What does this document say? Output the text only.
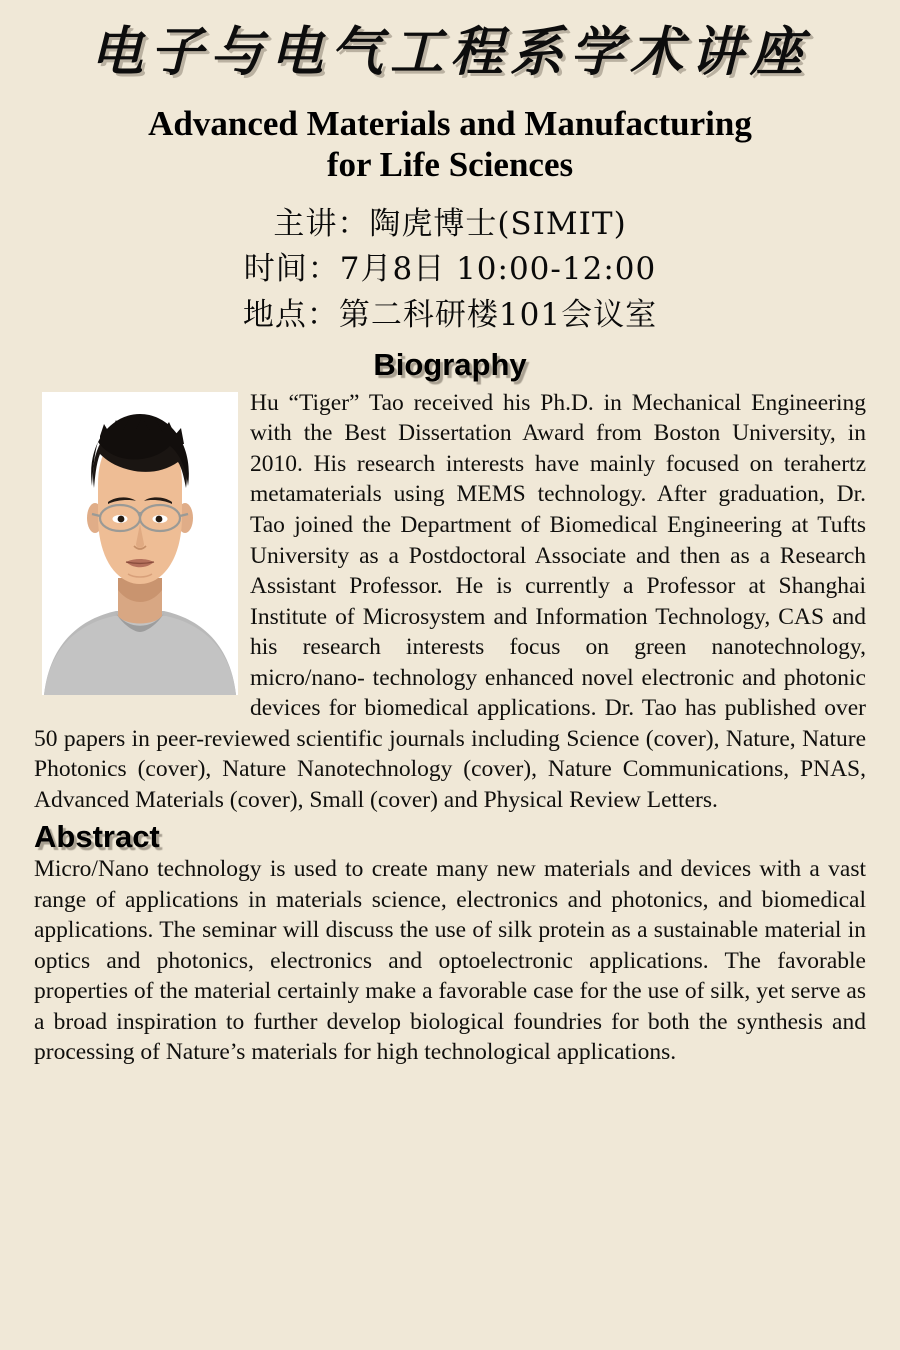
电子与电气工程系学术讲座
Advanced Materials and Manufacturing
for Life Sciences
主讲：陶虎博士(SIMIT)
时间：7月8日 10:00-12:00
地点：第二科研楼101会议室
Biography

Hu “Tiger” Tao received his Ph.D. in Mechanical Engineering with the Best Dissertation Award from Boston University, in 2010. His research interests have mainly focused on terahertz metamaterials using MEMS technology. After graduation, Dr. Tao joined the Department of Biomedical Engineering at Tufts University as a Postdoctoral Associate and then as a Research Assistant Professor. He is currently a Professor at Shanghai Institute of Microsystem and Information Technology, CAS and his research interests focus on green nanotechnology, micro/nano- technology enhanced novel electronic and photonic devices for biomedical applications. Dr. Tao has published over 50 papers in peer-reviewed scientific journals including Science (cover), Nature, Nature Photonics (cover), Nature Nanotechnology (cover), Nature Communications, PNAS, Advanced Materials (cover), Small (cover) and Physical Review Letters.

Abstract

Micro/Nano technology is used to create many new materials and devices with a vast range of applications in materials science, electronics and photonics, and biomedical applications. The seminar will discuss the use of silk protein as a sustainable material in optics and photonics, electronics and optoelectronic applications. The favorable properties of the material certainly make a favorable case for the use of silk, yet serve as a broad inspiration to further develop biological foundries for both the synthesis and processing of Nature’s materials for high technological applications.
